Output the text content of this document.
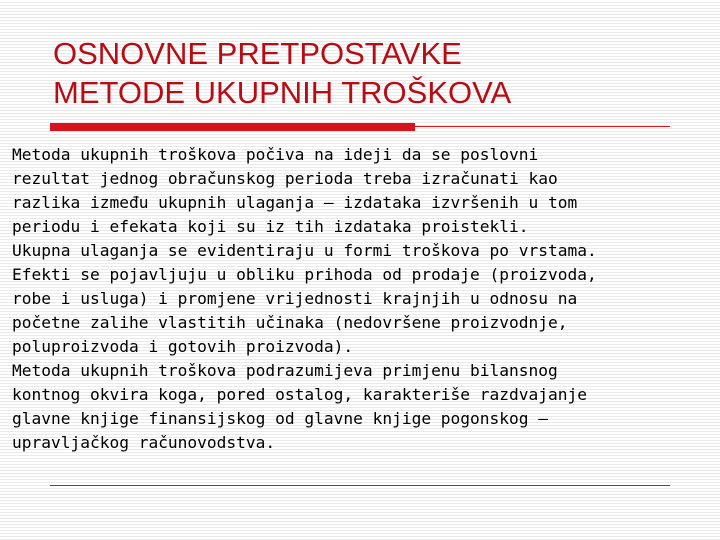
OSNOVNE PRETPOSTAVKE
METODE UKUPNIH TROŠKOVA
Metoda ukupnih troškova počiva na ideji da se poslovni
rezultat jednog obračunskog perioda treba izračunati kao
razlika između ukupnih ulaganja – izdataka izvršenih u tom
periodu i efekata koji su iz tih izdataka proistekli.
Ukupna ulaganja se evidentiraju u formi troškova po vrstama.
Efekti se pojavljuju u obliku prihoda od prodaje (proizvoda,
robe i usluga) i promjene vrijednosti krajnjih u odnosu na
početne zalihe vlastitih učinaka (nedovršene proizvodnje,
poluproizvoda i gotovih proizvoda).
Metoda ukupnih troškova podrazumijeva primjenu bilansnog
kontnog okvira koga, pored ostalog, karakteriše razdvajanje
glavne knjige finansijskog od glavne knjige pogonskog –
upravljačkog računovodstva.
